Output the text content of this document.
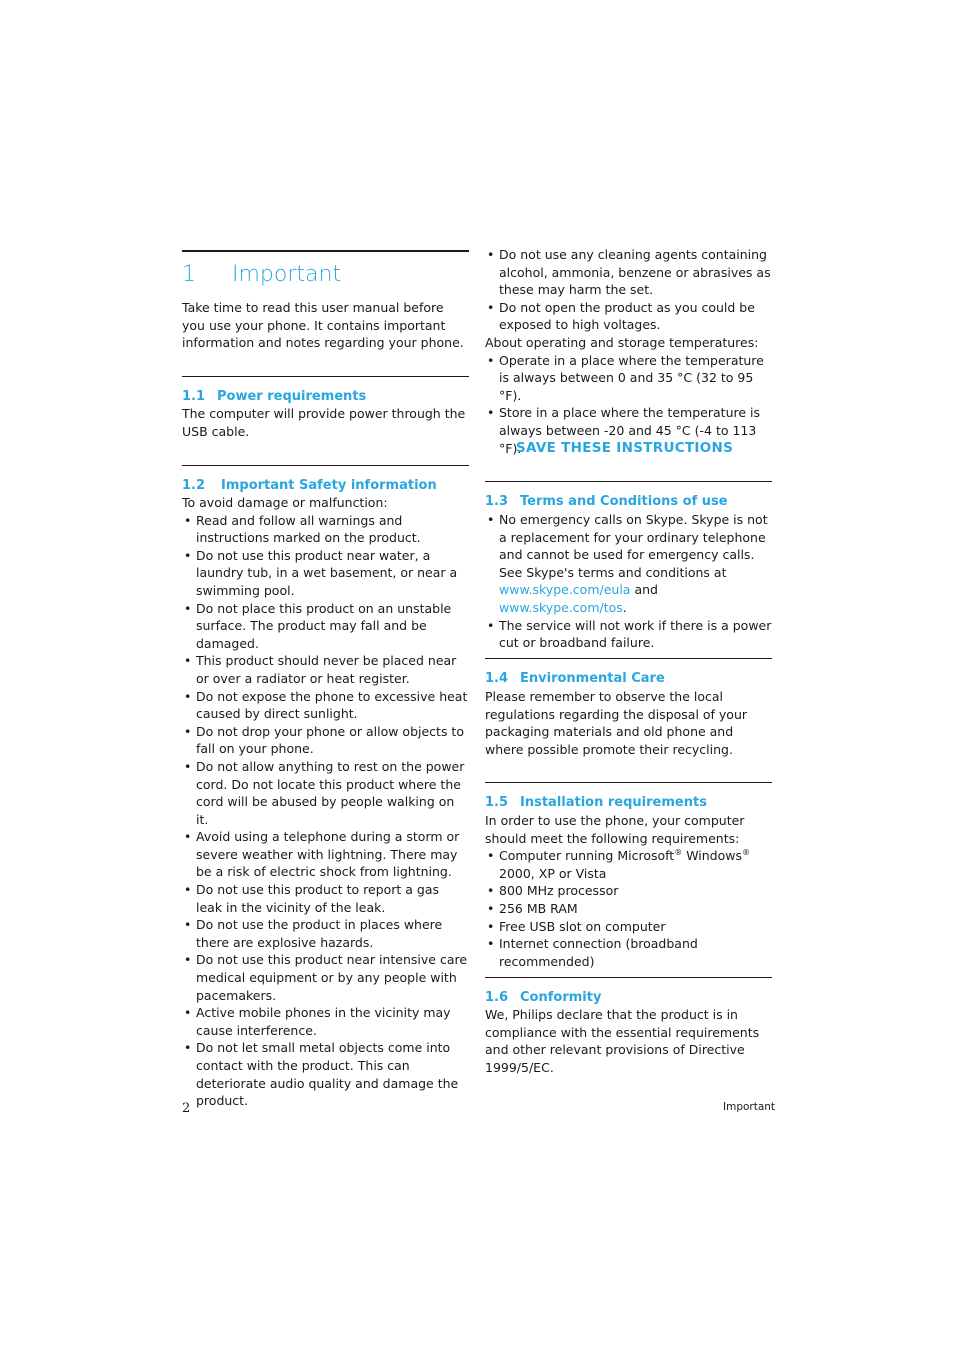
1 Important
Take time to read this user manual before you use your phone. It contains important information and notes regarding your phone.
1.1 Power requirements
The computer will provide power through the USB cable.
1.2 Important Safety information
To avoid damage or malfunction:
• Read and follow all warnings and instructions marked on the product.
• Do not use this product near water, a laundry tub, in a wet basement, or near a swimming pool.
• Do not place this product on an unstable surface. The product may fall and be damaged.
• This product should never be placed near or over a radiator or heat register.
• Do not expose the phone to excessive heat caused by direct sunlight.
• Do not drop your phone or allow objects to fall on your phone.
• Do not allow anything to rest on the power cord. Do not locate this product where the cord will be abused by people walking on it.
• Avoid using a telephone during a storm or severe weather with lightning. There may be a risk of electric shock from lightning.
• Do not use this product to report a gas leak in the vicinity of the leak.
• Do not use the product in places where there are explosive hazards.
• Do not use this product near intensive care medical equipment or by any people with pacemakers.
• Active mobile phones in the vicinity may cause interference.
• Do not let small metal objects come into contact with the product. This can deteriorate audio quality and damage the product.
• Do not use any cleaning agents containing alcohol, ammonia, benzene or abrasives as these may harm the set.
• Do not open the product as you could be exposed to high voltages.
About operating and storage temperatures:
• Operate in a place where the temperature is always between 0 and 35 °C (32 to 95 °F).
• Store in a place where the temperature is always between -20 and 45 °C (-4 to 113 °F).
SAVE THESE INSTRUCTIONS
1.3 Terms and Conditions of use
• No emergency calls on Skype. Skype is not a replacement for your ordinary telephone and cannot be used for emergency calls. See Skype's terms and conditions at www.skype.com/eula and www.skype.com/tos.
• The service will not work if there is a power cut or broadband failure.
1.4 Environmental Care
Please remember to observe the local regulations regarding the disposal of your packaging materials and old phone and where possible promote their recycling.
1.5 Installation requirements
In order to use the phone, your computer should meet the following requirements:
• Computer running Microsoft® Windows®
2000, XP or Vista
• 800 MHz processor
• 256 MB RAM
• Free USB slot on computer
• Internet connection (broadband recommended)
1.6 Conformity
We, Philips declare that the product is in compliance with the essential requirements and other relevant provisions of Directive 1999/5/EC.
2	Important
